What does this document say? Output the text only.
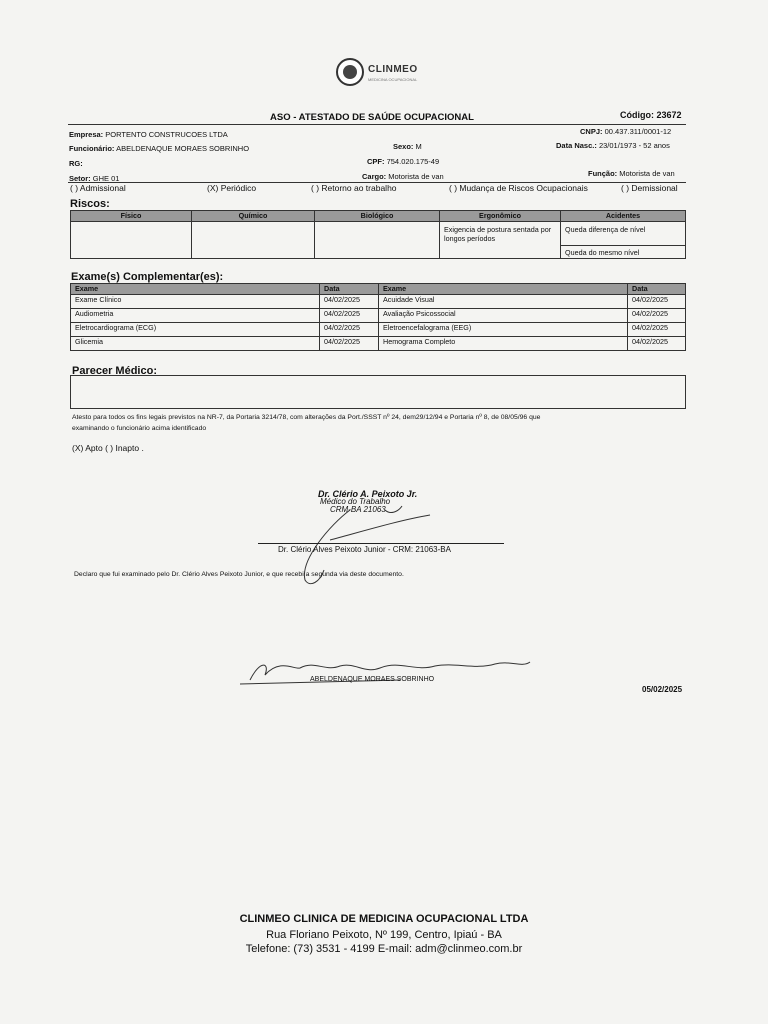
CLINMEO
MEDICINA OCUPACIONAL
ASO - ATESTADO DE SAÚDE OCUPACIONAL	Código: 23672
Empresa: PORTENTO CONSTRUCOES LTDA	CNPJ: 00.437.311/0001-12
Funcionário: ABELDENAQUE MORAES SOBRINHO	Sexo: M	Data Nasc.: 23/01/1973 - 52 anos
RG:	CPF: 754.020.175-49
Setor: GHE 01	Cargo: Motorista de van	Função: Motorista de van
( ) Admissional	(X) Periódico	( ) Retorno ao trabalho	( ) Mudança de Riscos Ocupacionais	( ) Demissional
Riscos:
Físico	Químico	Biológico	Ergonômico	Acidentes
			Exigencia de postura sentada por longos períodos	Queda diferença de nível
				Queda do mesmo nível
Exame(s) Complementar(es):
Exame	Data	Exame	Data
Exame Clínico	04/02/2025	Acuidade Visual	04/02/2025
Audiometria	04/02/2025	Avaliação Psicossocial	04/02/2025
Eletrocardiograma (ECG)	04/02/2025	Eletroencefalograma (EEG)	04/02/2025
Glicemia	04/02/2025	Hemograma Completo	04/02/2025
Parecer Médico:
Atesto para todos os fins legais previstos na NR-7, da Portaria 3214/78, com alterações da Port./SSST nº 24, dem29/12/94 e Portaria nº 8, de 08/05/96 que
examinando o funcionário acima identificado
(X) Apto ( ) Inapto .
Dr. Clério A. Peixoto Jr.
Médico do Trabalho
CRM-BA 21063
Dr. Clério Alves Peixoto Junior - CRM: 21063-BA
Declaro que fui examinado pelo Dr. Clério Alves Peixoto Junior, e que recebi a segunda via deste documento.
ABELDENAQUE MORAES SOBRINHO
05/02/2025
CLINMEO CLINICA DE MEDICINA OCUPACIONAL LTDA
Rua Floriano Peixoto, Nº 199, Centro, Ipiaú - BA
Telefone: (73) 3531 - 4199 E-mail: adm@clinmeo.com.br
